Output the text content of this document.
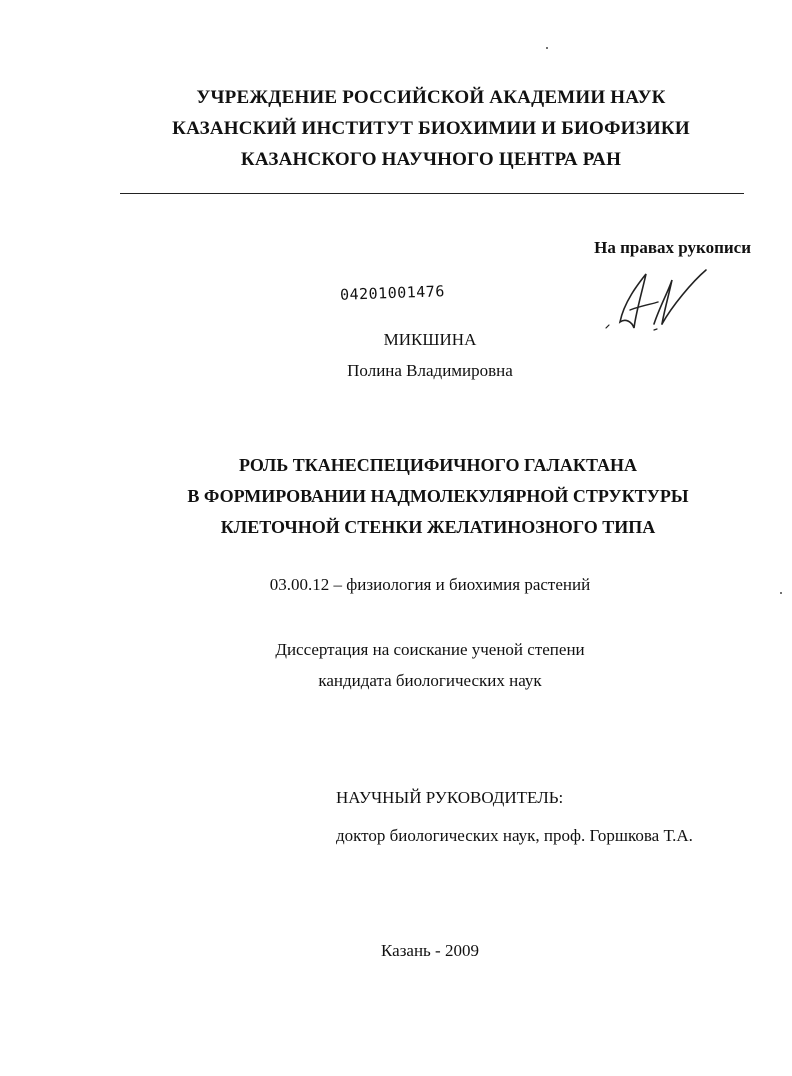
УЧРЕЖДЕНИЕ РОССИЙСКОЙ АКАДЕМИИ НАУК
КАЗАНСКИЙ ИНСТИТУТ БИОХИМИИ И БИОФИЗИКИ
КАЗАНСКОГО НАУЧНОГО ЦЕНТРА РАН
На правах рукописи
04201001476
МИКШИНА
Полина Владимировна
РОЛЬ ТКАНЕСПЕЦИФИЧНОГО ГАЛАКТАНА
В ФОРМИРОВАНИИ НАДМОЛЕКУЛЯРНОЙ СТРУКТУРЫ
КЛЕТОЧНОЙ СТЕНКИ ЖЕЛАТИНОЗНОГО ТИПА
03.00.12 – физиология и биохимия растений
Диссертация на соискание ученой степени
кандидата биологических наук
НАУЧНЫЙ РУКОВОДИТЕЛЬ:
доктор биологических наук, проф. Горшкова Т.А.
Казань - 2009
